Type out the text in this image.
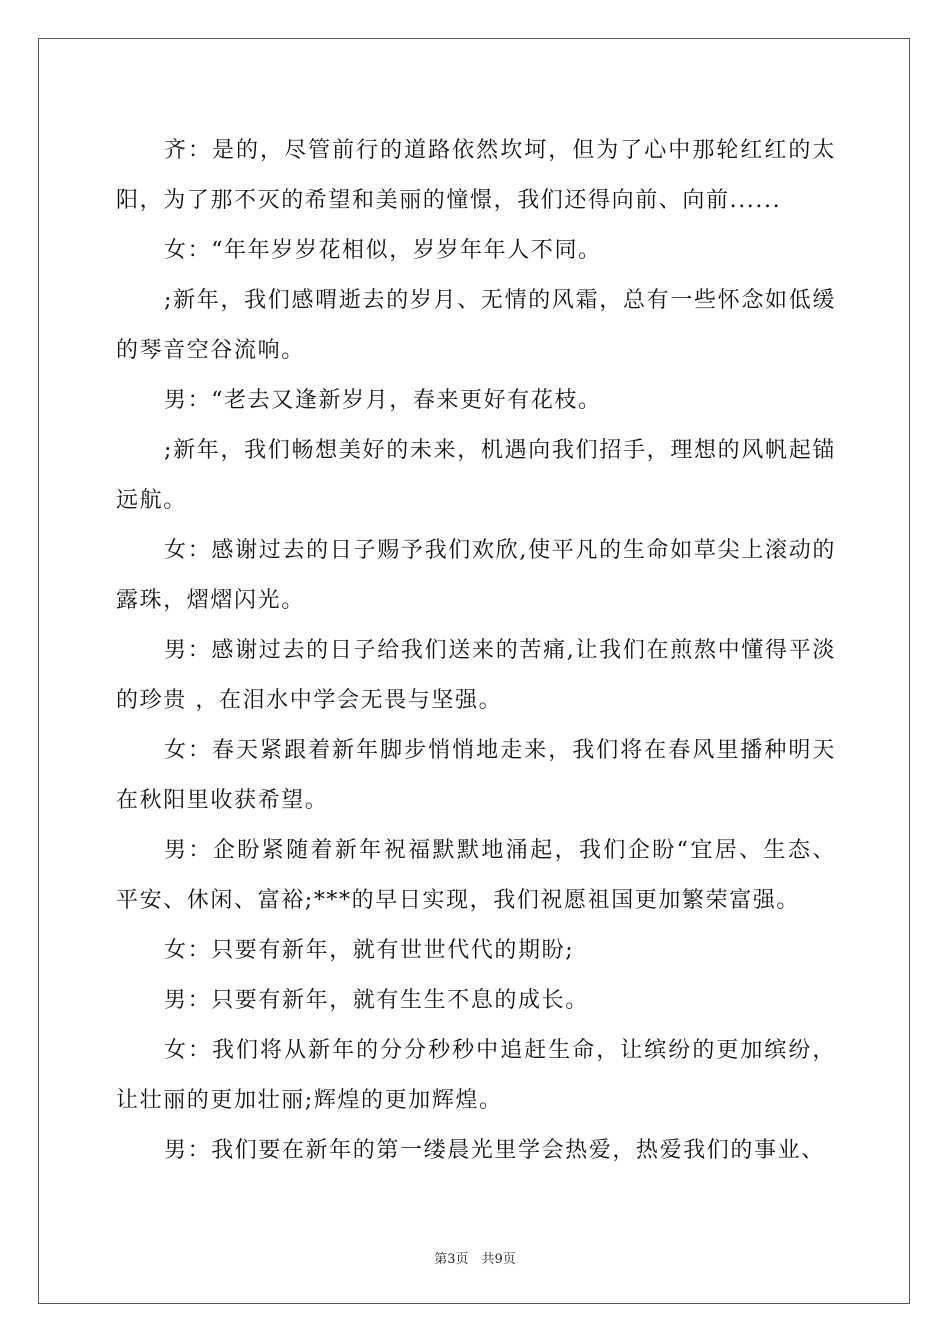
齐：是的，尽管前行的道路依然坎坷，但为了心中那轮红红的太阳，为了那不灭的希望和美丽的憧憬，我们还得向前、向前......

女：“年年岁岁花相似，岁岁年年人不同。

;新年，我们感喟逝去的岁月、无情的风霜，总有一些怀念如低缓的琴音空谷流响。

男：“老去又逢新岁月，春来更好有花枝。

;新年，我们畅想美好的未来，机遇向我们招手，理想的风帆起锚远航。

女：感谢过去的日子赐予我们欢欣,使平凡的生命如草尖上滚动的露珠，熠熠闪光。

男：感谢过去的日子给我们送来的苦痛,让我们在煎熬中懂得平淡的珍贵 ，在泪水中学会无畏与坚强。

女：春天紧跟着新年脚步悄悄地走来，我们将在春风里播种明天在秋阳里收获希望。

男：企盼紧随着新年祝福默默地涌起，我们企盼“宜居、生态、平安、休闲、富裕;***的早日实现，我们祝愿祖国更加繁荣富强。

女：只要有新年，就有世世代代的期盼;

男：只要有新年，就有生生不息的成长。

女：我们将从新年的分分秒秒中追赶生命，让缤纷的更加缤纷，让壮丽的更加壮丽;辉煌的更加辉煌。

男：我们要在新年的第一缕晨光里学会热爱，热爱我们的事业、

第3页　共9页
